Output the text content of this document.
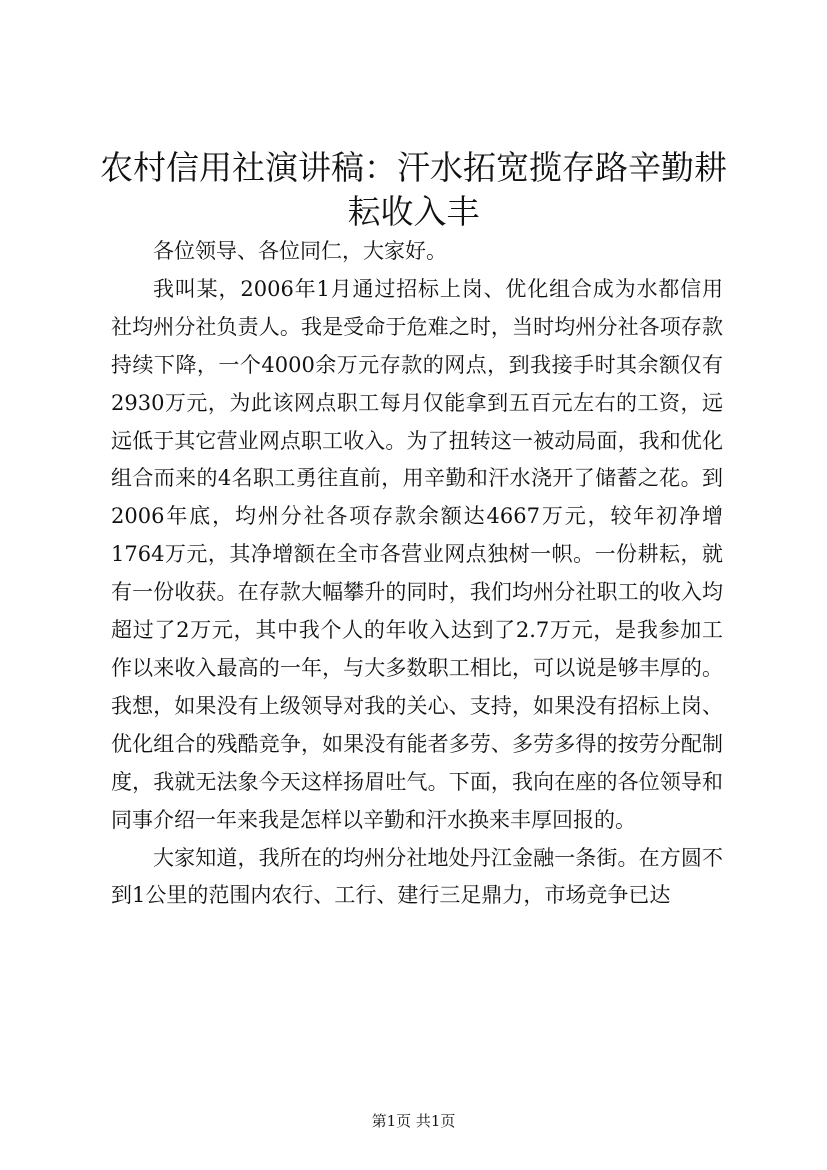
农村信用社演讲稿：汗水拓宽揽存路辛勤耕耘收入丰

各位领导、各位同仁，大家好。

我叫某，2006年1月通过招标上岗、优化组合成为水都信用社均州分社负责人。我是受命于危难之时，当时均州分社各项存款持续下降，一个4000余万元存款的网点，到我接手时其余额仅有2930万元，为此该网点职工每月仅能拿到五百元左右的工资，远远低于其它营业网点职工收入。为了扭转这一被动局面，我和优化组合而来的4名职工勇往直前，用辛勤和汗水浇开了储蓄之花。到2006年底，均州分社各项存款余额达4667万元，较年初净增1764万元，其净增额在全市各营业网点独树一帜。一份耕耘，就有一份收获。在存款大幅攀升的同时，我们均州分社职工的收入均超过了2万元，其中我个人的年收入达到了2.7万元，是我参加工作以来收入最高的一年，与大多数职工相比，可以说是够丰厚的。我想，如果没有上级领导对我的关心、支持，如果没有招标上岗、优化组合的残酷竞争，如果没有能者多劳、多劳多得的按劳分配制度，我就无法象今天这样扬眉吐气。下面，我向在座的各位领导和同事介绍一年来我是怎样以辛勤和汗水换来丰厚回报的。

大家知道，我所在的均州分社地处丹江金融一条街。在方圆不到1公里的范围内农行、工行、建行三足鼎力，市场竞争已达

第1页 共1页
